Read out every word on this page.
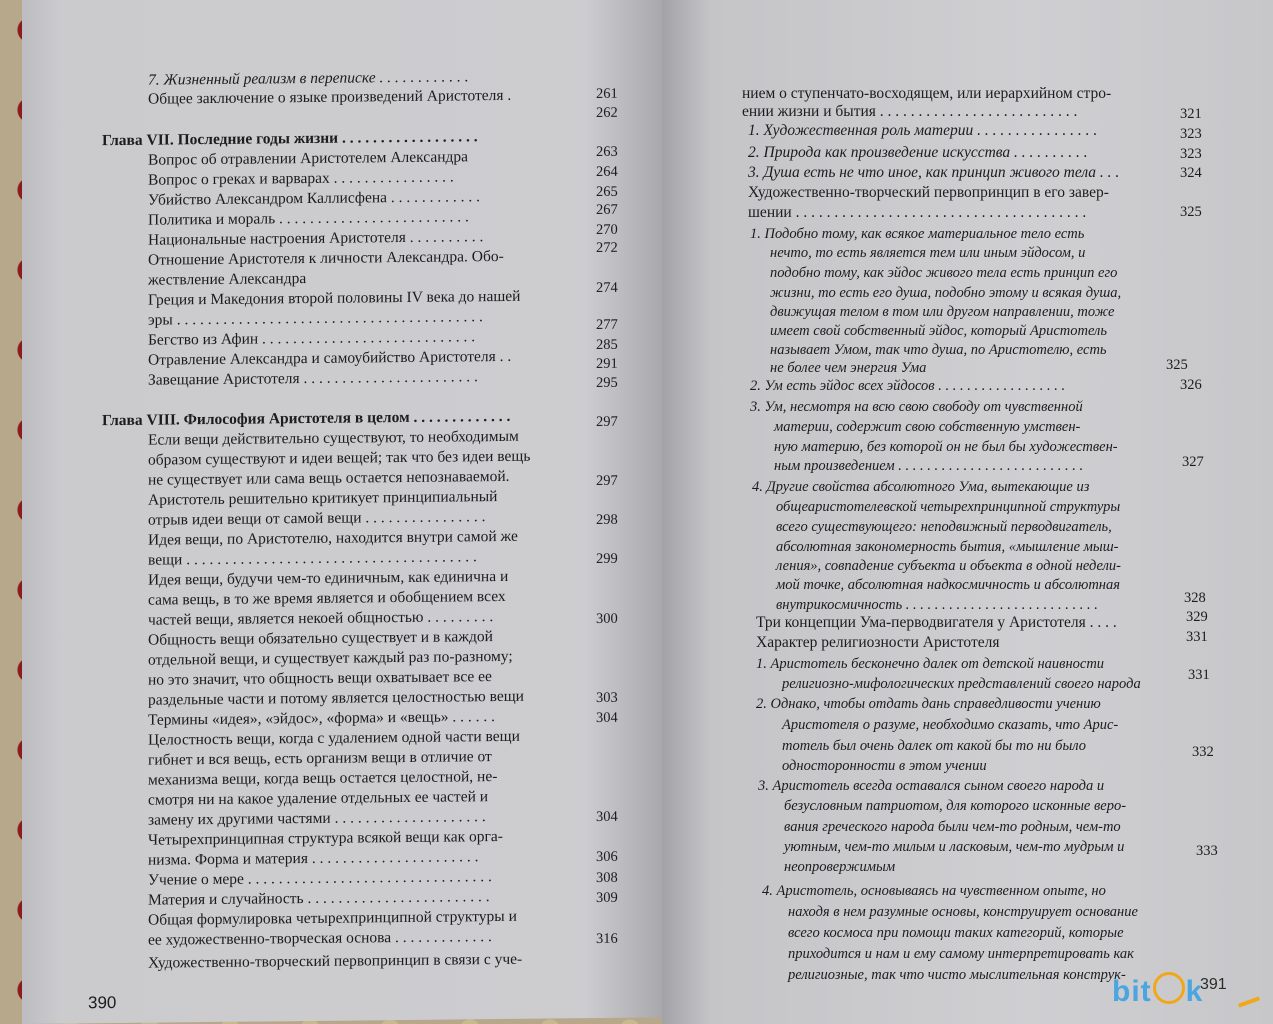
7. Жизненный реализм в переписке . . . . . . . . . . . .
Общее заключение о языке произведений Аристотеля .
Глава VII. Последние годы жизни . . . . . . . . . . . . . . . . . .
Вопрос об отравлении Аристотелем Александра
Вопрос о греках и варварах . . . . . . . . . . . . . . . .
Убийство Александром Каллисфена . . . . . . . . . . . .
Политика и мораль . . . . . . . . . . . . . . . . . . . . . . . . .
Национальные настроения Аристотеля . . . . . . . . . .
Отношение Аристотеля к личности Александра. Обо-
жествление Александра
Греция и Македония второй половины IV века до нашей
эры . . . . . . . . . . . . . . . . . . . . . . . . . . . . . . . . . . . . . . . .
Бегство из Афин . . . . . . . . . . . . . . . . . . . . . . . . . . . .
Отравление Александра и самоубийство Аристотеля . .
Завещание Аристотеля . . . . . . . . . . . . . . . . . . . . . . .
Глава VIII. Философия Аристотеля в целом . . . . . . . . . . . . .
Если вещи действительно существуют, то необходимым
образом существуют и идеи вещей; так что без идеи вещь
не существует или сама вещь остается непознаваемой.
Аристотель решительно критикует принципиальный
отрыв идеи вещи от самой вещи . . . . . . . . . . . . . . . .
Идея вещи, по Аристотелю, находится внутри самой же
вещи . . . . . . . . . . . . . . . . . . . . . . . . . . . . . . . . . . . . . .
Идея вещи, будучи чем-то единичным, как единична и
сама вещь, в то же время является и обобщением всех
частей вещи, является некоей общностью . . . . . . . . .
Общность вещи обязательно существует и в каждой
отдельной вещи, и существует каждый раз по-разному;
но это значит, что общность вещи охватывает все ее
раздельные части и потому является целостностью вещи
Термины «идея», «эйдос», «форма» и «вещь» . . . . . .
Целостность вещи, когда с удалением одной части вещи
гибнет и вся вещь, есть организм вещи в отличие от
механизма вещи, когда вещь остается целостной, не-
смотря ни на какое удаление отдельных ее частей и
замену их другими частями . . . . . . . . . . . . . . . . . . . .
Четырехпринципная структура всякой вещи как орга-
низма. Форма и материя . . . . . . . . . . . . . . . . . . . . . .
Учение о мере . . . . . . . . . . . . . . . . . . . . . . . . . . . . . . . .
Материя и случайность . . . . . . . . . . . . . . . . . . . . . . . .
Общая формулировка четырехпринципной структуры и
ее художественно-творческая основа . . . . . . . . . . . . .
Художественно-творческий первопринцип в связи с уче-
261
262
263
264
265
267
270
272
274
277
285
291
295
297
297
298
299
300
303
304
304
306
308
309
316
390
нием о ступенчато-восходящем, или иерархийном стро-
ении жизни и бытия . . . . . . . . . . . . . . . . . . . . . . . . . .
1. Художественная роль материи . . . . . . . . . . . . . . . .
2. Природа как произведение искусства . . . . . . . . . .
3. Душа есть не что иное, как принцип живого тела . . .
Художественно-творческий первопринцип в его завер-
шении . . . . . . . . . . . . . . . . . . . . . . . . . . . . . . . . . . . . . .
1. Подобно тому, как всякое материальное тело есть
нечто, то есть является тем или иным эйдосом, и
подобно тому, как эйдос живого тела есть принцип его
жизни, то есть его душа, подобно этому и всякая душа,
движущая телом в том или другом направлении, тоже
имеет свой собственный эйдос, который Аристотель
называет Умом, так что душа, по Аристотелю, есть
не более чем энергия Ума
2. Ум есть эйдос всех эйдосов . . . . . . . . . . . . . . . . . .
3. Ум, несмотря на всю свою свободу от чувственной
материи, содержит свою собственную умствен-
ную материю, без которой он не был бы художествен-
ным произведением . . . . . . . . . . . . . . . . . . . . . . . . . .
4. Другие свойства абсолютного Ума, вытекающие из
общеаристотелевской четырехпринципной структуры
всего существующего: неподвижный перводвигатель,
абсолютная закономерность бытия, «мышление мыш-
ления», совпадение субъекта и объекта в одной недели-
мой точке, абсолютная надкосмичность и абсолютная
внутрикосмичность . . . . . . . . . . . . . . . . . . . . . . . . . . .
Три концепции Ума-перводвигателя у Аристотеля . . . .
Характер религиозности Аристотеля
1. Аристотель бесконечно далек от детской наивности
религиозно-мифологических представлений своего народа
2. Однако, чтобы отдать дань справедливости учению
Аристотеля о разуме, необходимо сказать, что Арис-
тотель был очень далек от какой бы то ни было
односторонности в этом учении
3. Аристотель всегда оставался сыном своего народа и
безусловным патриотом, для которого исконные веро-
вания греческого народа были чем-то родным, чем-то
уютным, чем-то милым и ласковым, чем-то мудрым и
неопровержимым
4. Аристотель, основываясь на чувственном опыте, но
находя в нем разумные основы, конструирует основание
всего космоса при помощи таких категорий, которые
приходится и нам и ему самому интерпретировать как
религиозные, так что чисто мыслительная конструк-
321
323
323
324
325
325
326
327
328
329
331
331
332
333
391
bit k
